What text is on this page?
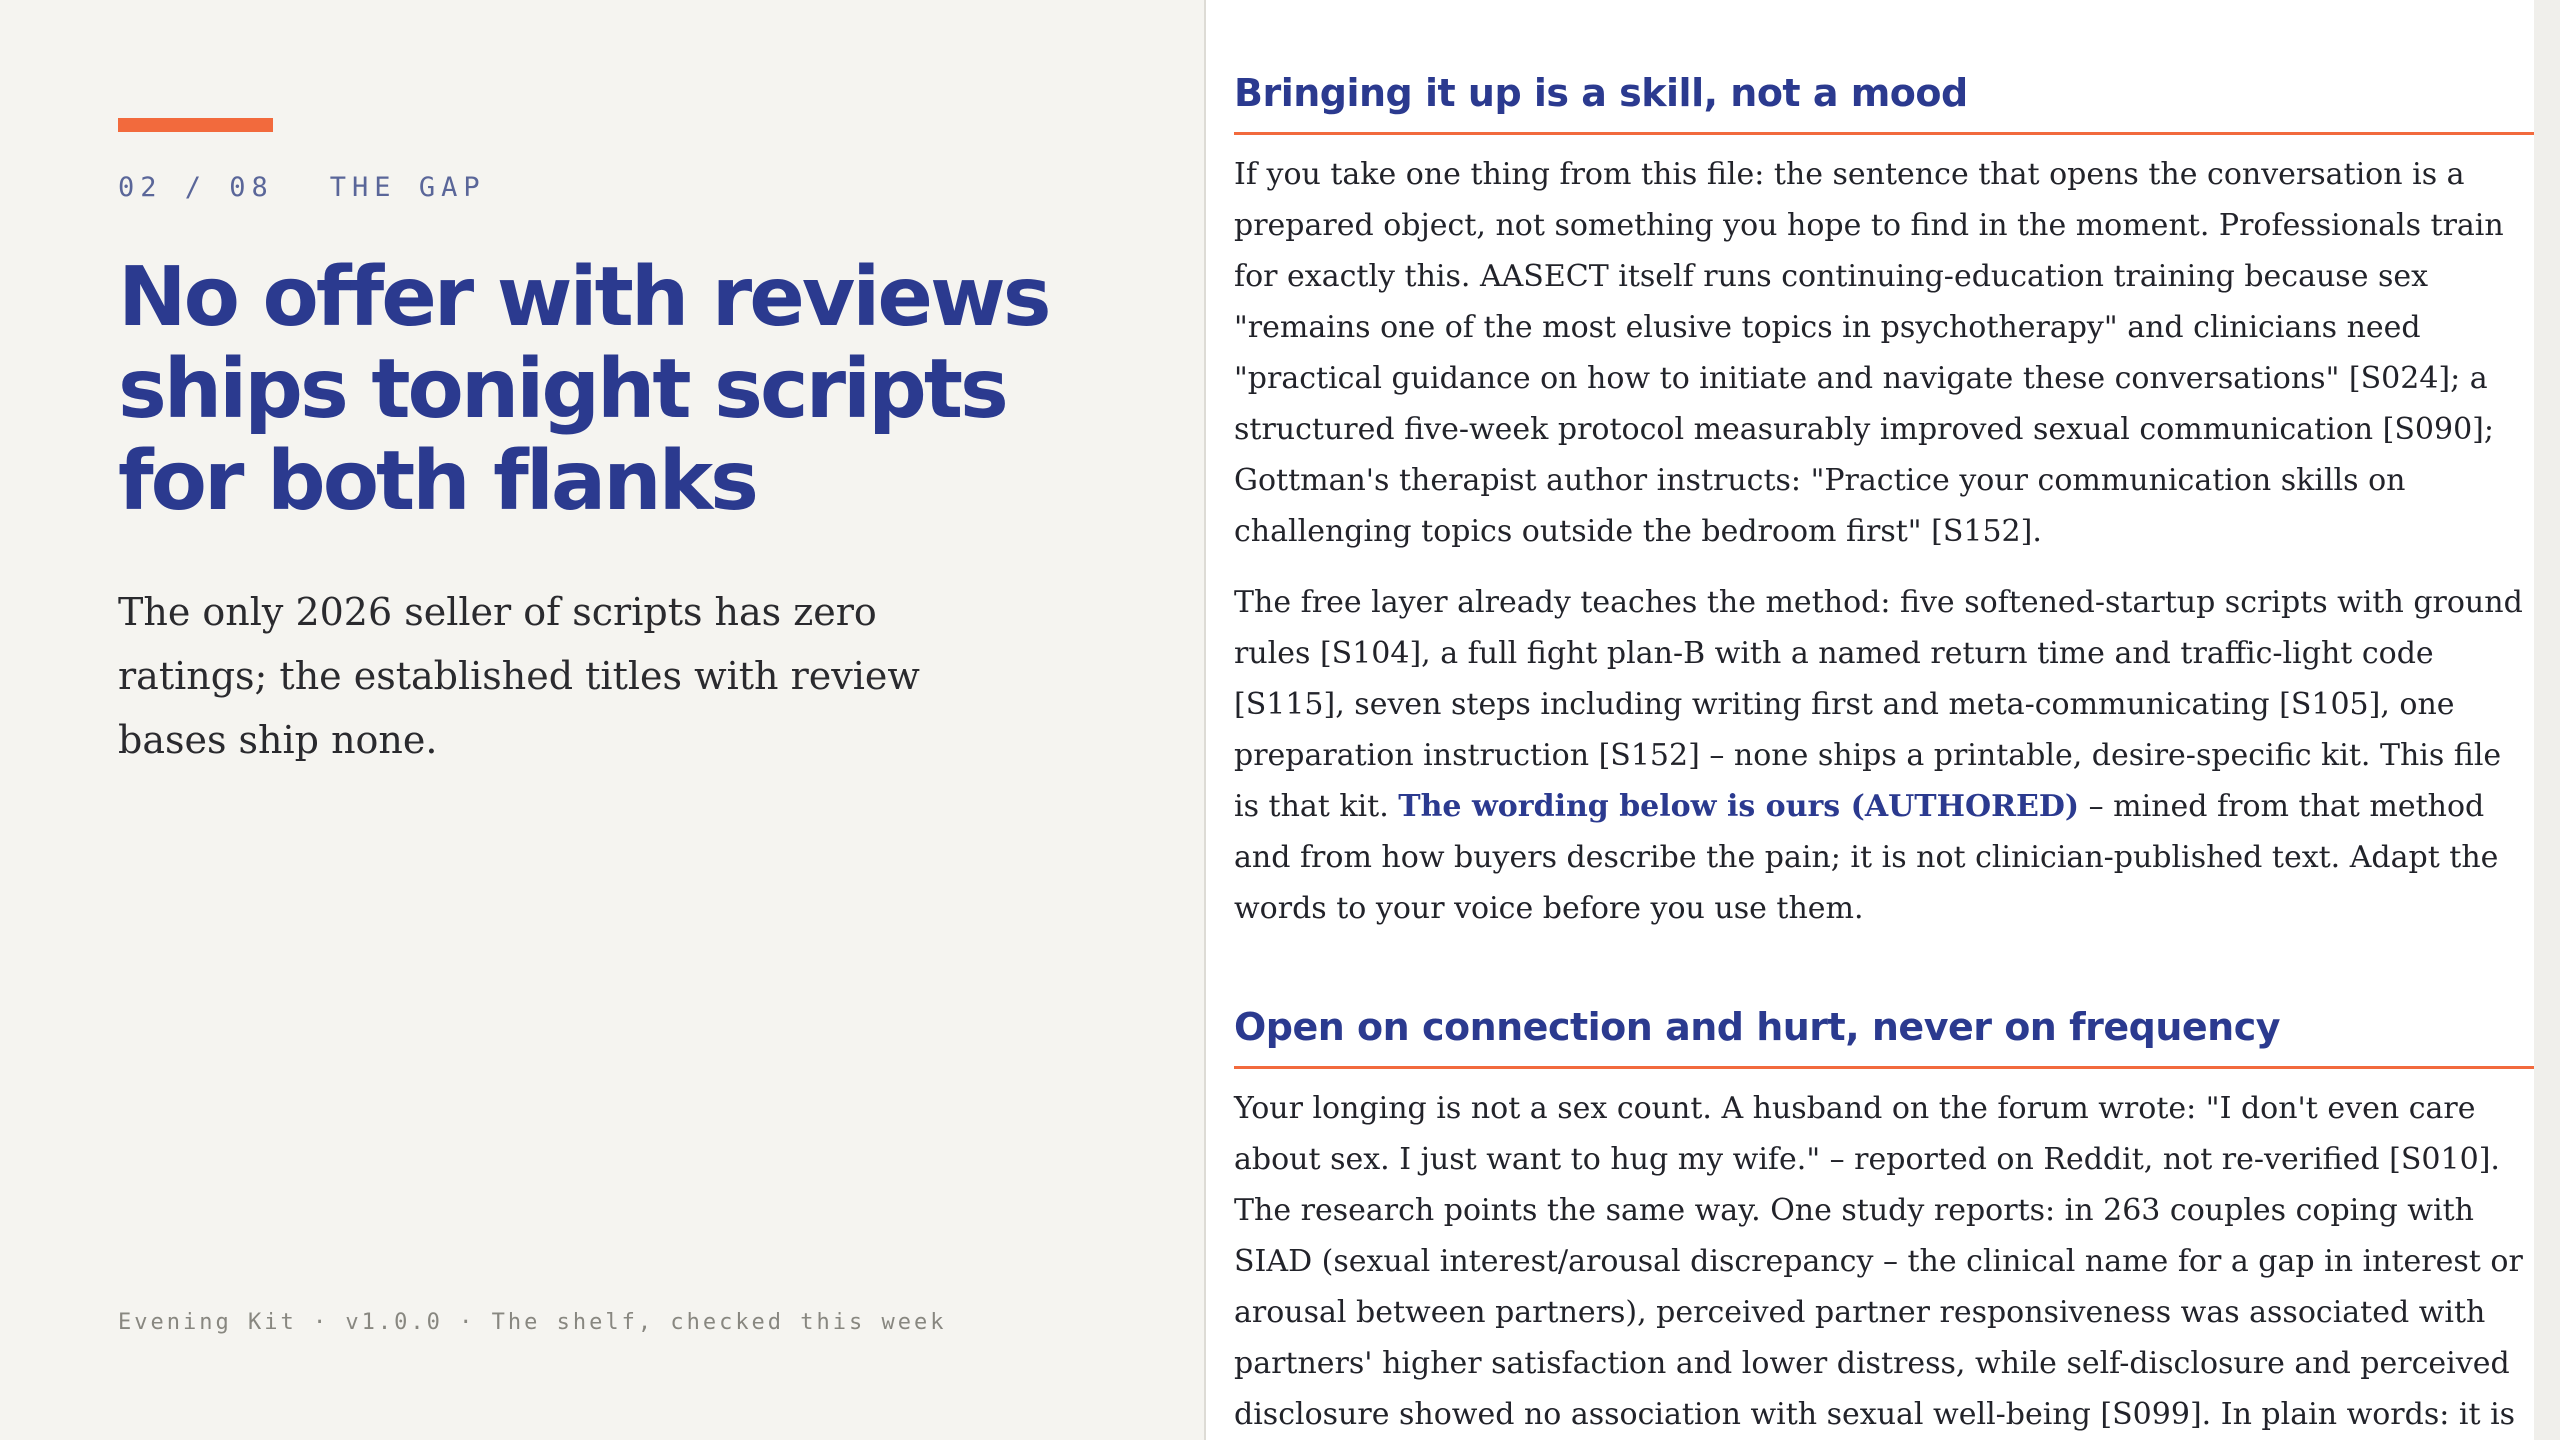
02 / 08 THE GAP
No offer with reviews ships tonight scripts for both flanks

The only 2026 seller of scripts has zero ratings; the established titles with review bases ship none.

Evening Kit · v1.0.0 · The shelf, checked this week
Bringing it up is a skill, not a mood

If you take one thing from this file: the sentence that opens the conversation is a prepared object, not something you hope to find in the moment. Professionals train for exactly this. AASECT itself runs continuing-education training because sex "remains one of the most elusive topics in psychotherapy" and clinicians need "practical guidance on how to initiate and navigate these conversations" [S024]; a structured five-week protocol measurably improved sexual communication [S090]; Gottman's therapist author instructs: "Practice your communication skills on challenging topics outside the bedroom first" [S152].

The free layer already teaches the method: five softened-startup scripts with ground rules [S104], a full fight plan-B with a named return time and traffic-light code [S115], seven steps including writing first and meta-communicating [S105], one preparation instruction [S152] – none ships a printable, desire-specific kit. This file is that kit. The wording below is ours (AUTHORED) – mined from that method and from how buyers describe the pain; it is not clinician-published text. Adapt the words to your voice before you use them.

Open on connection and hurt, never on frequency

Your longing is not a sex count. A husband on the forum wrote: "I don't even care about sex. I just want to hug my wife." – reported on Reddit, not re-verified [S010]. The research points the same way. One study reports: in 263 couples coping with SIAD (sexual interest/arousal discrepancy – the clinical name for a gap in interest or arousal between partners), perceived partner responsiveness was associated with partners' higher satisfaction and lower distress, while self-disclosure and perceived disclosure showed no association with sexual well-being [S099]. In plain words: it is
